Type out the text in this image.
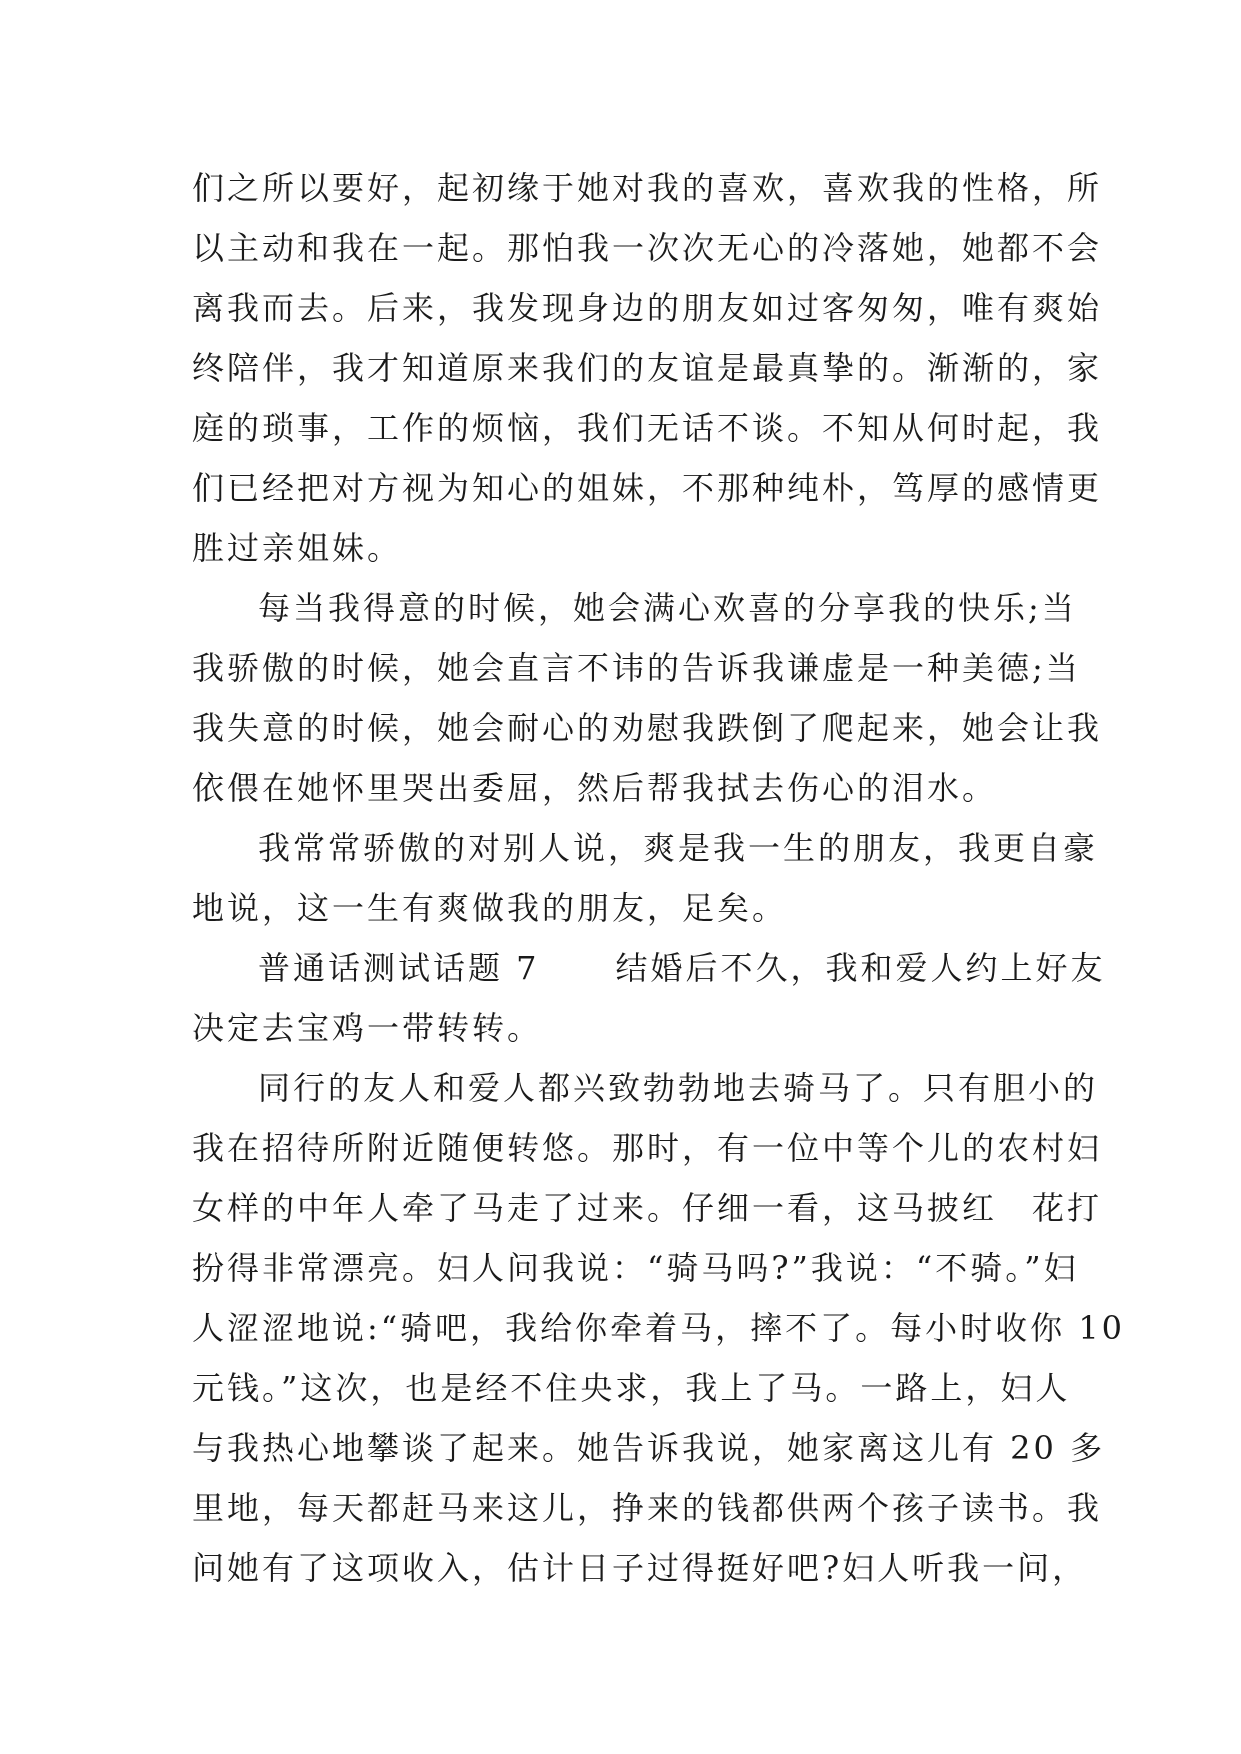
们之所以要好，起初缘于她对我的喜欢，喜欢我的性格，所
以主动和我在一起。那怕我一次次无心的冷落她，她都不会
离我而去。后来，我发现身边的朋友如过客匆匆，唯有爽始
终陪伴，我才知道原来我们的友谊是最真挚的。渐渐的，家
庭的琐事，工作的烦恼，我们无话不谈。不知从何时起，我
们已经把对方视为知心的姐妹，不那种纯朴，笃厚的感情更
胜过亲姐妹。
每当我得意的时候，她会满心欢喜的分享我的快乐;当
我骄傲的时候，她会直言不讳的告诉我谦虚是一种美德;当
我失意的时候，她会耐心的劝慰我跌倒了爬起来，她会让我
依偎在她怀里哭出委屈，然后帮我拭去伤心的泪水。
我常常骄傲的对别人说，爽是我一生的朋友，我更自豪
地说，这一生有爽做我的朋友，足矣。
普通话测试话题 7 结婚后不久，我和爱人约上好友
决定去宝鸡一带转转。
同行的友人和爱人都兴致勃勃地去骑马了。只有胆小的
我在招待所附近随便转悠。那时，有一位中等个儿的农村妇
女样的中年人牵了马走了过来。仔细一看，这马披红　花打
扮得非常漂亮。妇人问我说：“骑马吗?”我说：“不骑。”妇
人涩涩地说:“骑吧，我给你牵着马，摔不了。每小时收你 10
元钱。”这次，也是经不住央求，我上了马。一路上，妇人
与我热心地攀谈了起来。她告诉我说，她家离这儿有 20 多
里地，每天都赶马来这儿，挣来的钱都供两个孩子读书。我
问她有了这项收入，估计日子过得挺好吧?妇人听我一问，
